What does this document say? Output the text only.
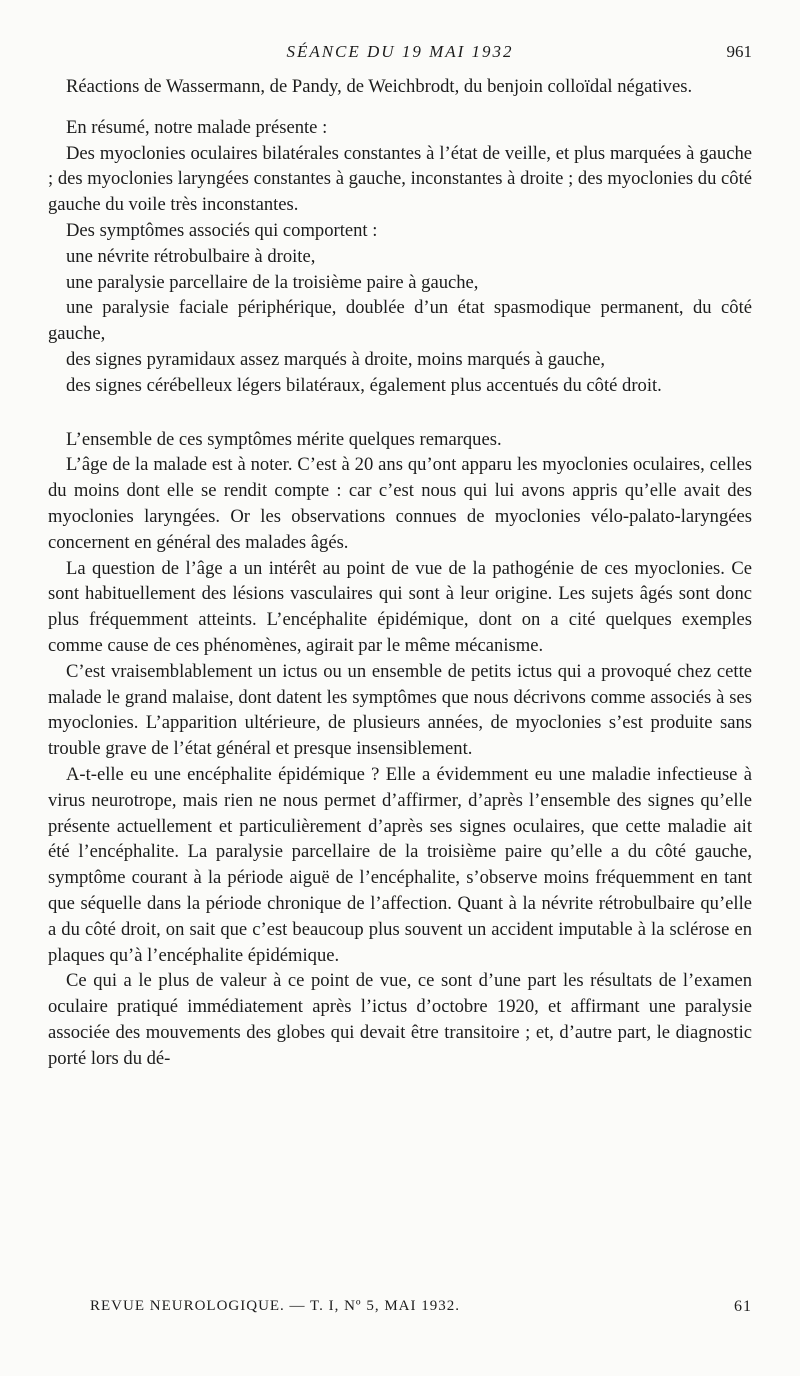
SÉANCE DU 19 MAI 1932	961

Réactions de Wassermann, de Pandy, de Weichbrodt, du benjoin colloïdal négatives.

En résumé, notre malade présente :

Des myoclonies oculaires bilatérales constantes à l’état de veille, et plus marquées à gauche ; des myoclonies laryngées constantes à gauche, inconstantes à droite ; des myoclonies du côté gauche du voile très inconstantes.

Des symptômes associés qui comportent :

une névrite rétrobulbaire à droite,

une paralysie parcellaire de la troisième paire à gauche,

une paralysie faciale périphérique, doublée d’un état spasmodique permanent, du côté gauche,

des signes pyramidaux assez marqués à droite, moins marqués à gauche,

des signes cérébelleux légers bilatéraux, également plus accentués du côté droit.

L’ensemble de ces symptômes mérite quelques remarques.

L’âge de la malade est à noter. C’est à 20 ans qu’ont apparu les myoclonies oculaires, celles du moins dont elle se rendit compte : car c’est nous qui lui avons appris qu’elle avait des myoclonies laryngées. Or les observations connues de myoclonies vélo-palato-laryngées concernent en général des malades âgés.

La question de l’âge a un intérêt au point de vue de la pathogénie de ces myoclonies. Ce sont habituellement des lésions vasculaires qui sont à leur origine. Les sujets âgés sont donc plus fréquemment atteints. L’encéphalite épidémique, dont on a cité quelques exemples comme cause de ces phénomènes, agirait par le même mécanisme.

C’est vraisemblablement un ictus ou un ensemble de petits ictus qui a provoqué chez cette malade le grand malaise, dont datent les symptômes que nous décrivons comme associés à ses myoclonies. L’apparition ultérieure, de plusieurs années, de myoclonies s’est produite sans trouble grave de l’état général et presque insensiblement.

A-t-elle eu une encéphalite épidémique ? Elle a évidemment eu une maladie infectieuse à virus neurotrope, mais rien ne nous permet d’affirmer, d’après l’ensemble des signes qu’elle présente actuellement et particulièrement d’après ses signes oculaires, que cette maladie ait été l’encéphalite. La paralysie parcellaire de la troisième paire qu’elle a du côté gauche, symptôme courant à la période aiguë de l’encéphalite, s’observe moins fréquemment en tant que séquelle dans la période chronique de l’affection. Quant à la névrite rétrobulbaire qu’elle a du côté droit, on sait que c’est beaucoup plus souvent un accident imputable à la sclérose en plaques qu’à l’encéphalite épidémique.

Ce qui a le plus de valeur à ce point de vue, ce sont d’une part les résultats de l’examen oculaire pratiqué immédiatement après l’ictus d’octobre 1920, et affirmant une paralysie associée des mouvements des globes qui devait être transitoire ; et, d’autre part, le diagnostic porté lors du dé-

REVUE NEUROLOGIQUE. — T. I, Nº 5, MAI 1932.	61
